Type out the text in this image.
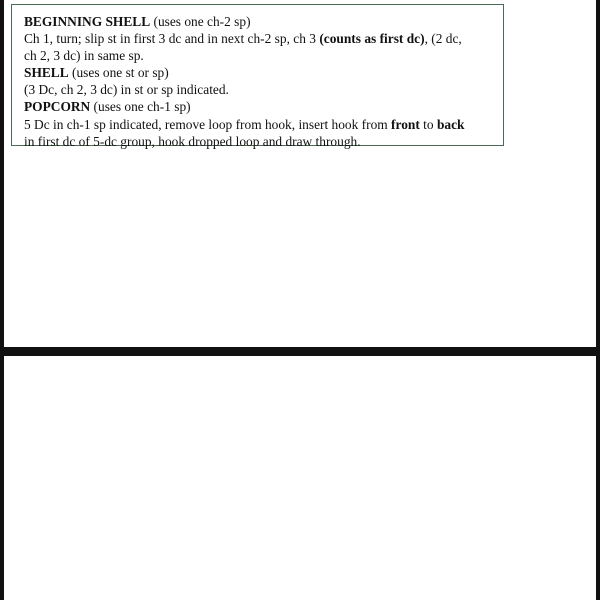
BEGINNING SHELL (uses one ch-2 sp)
Ch 1, turn; slip st in first 3 dc and in next ch-2 sp, ch 3 (counts as first dc), (2 dc,
ch 2, 3 dc) in same sp.
SHELL (uses one st or sp)
(3 Dc, ch 2, 3 dc) in st or sp indicated.
POPCORN (uses one ch-1 sp)
5 Dc in ch-1 sp indicated, remove loop from hook, insert hook from front to back
in first dc of 5-dc group, hook dropped loop and draw through.
